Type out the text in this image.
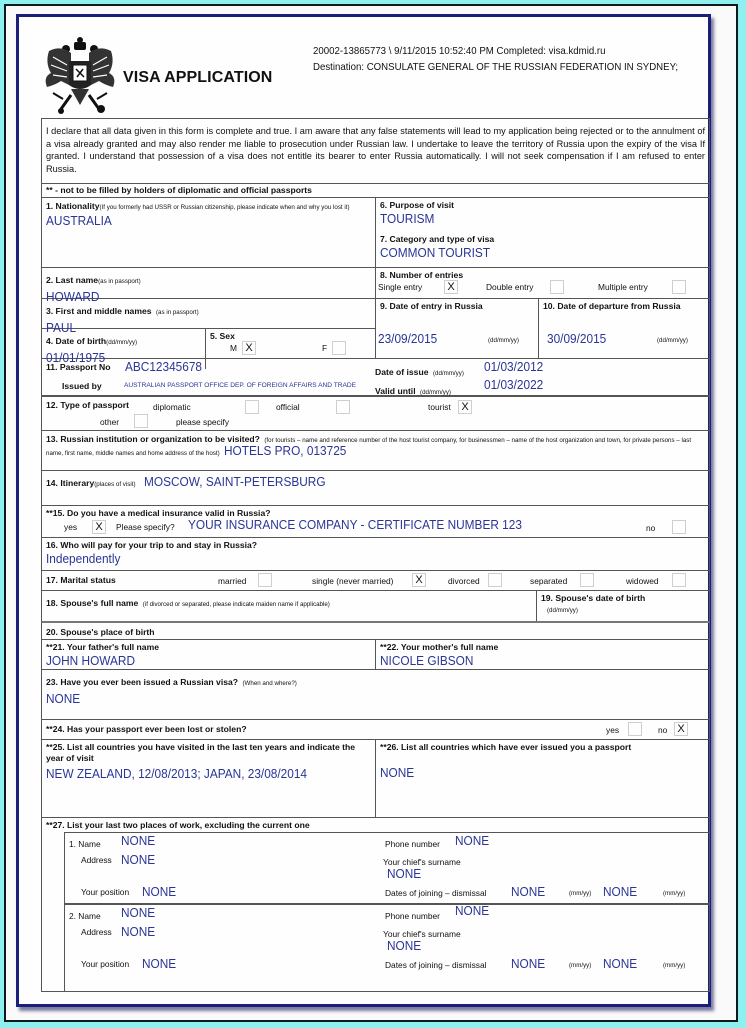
VISA APPLICATION
20002-13865773 \ 9/11/2015 10:52:40 PM Completed: visa.kdmid.ru
Destination: CONSULATE GENERAL OF THE RUSSIAN FEDERATION IN SYDNEY;
I declare that all data given in this form is complete and true. I am aware that any false statements will lead to my application being rejected or to the annulment of a visa already granted and may also render me liable to prosecution under Russian law. I undertake to leave the territory of Russia upon the expiry of the visa If granted. I understand that possession of a visa does not entitle its bearer to enter Russia automatically. I will not seek compensation if I am refused to enter Russia.
** - not to be filled by holders of diplomatic and official passports
1. Nationality(If you formerly had USSR or Russian citizenship, please indicate when and why you lost it)
AUSTRALIA
6. Purpose of visit
TOURISM
7. Category and type of visa
COMMON TOURIST
2. Last name(as in passport)
HOWARD
8. Number of entries
Single entry	X	Double entry	Multiple entry
3. First and middle names (as in passport)
PAUL
4. Date of birth(dd/mm/yy)
01/01/1975
5. Sex
M X	F
9. Date of entry in Russia
23/09/2015	(dd/mm/yy)
10. Date of departure from Russia
30/09/2015	(dd/mm/yy)
11. Passport No ABC12345678
Issued by	AUSTRALIAN PASSPORT OFFICE DEP. OF FOREIGN AFFAIRS AND TRADE
Date of issue (dd/mm/yy) 01/03/2012
Valid until (dd/mm/yy)
01/03/2022
12. Type of passport	diplomatic	official	tourist X
other	please specify
13. Russian institution or organization to be visited? (for tourists – name and reference number of the host tourist company, for businessmen – name of the host organization and town, for private persons – last name, first name, middle names and home address of the host) HOTELS PRO, 013725
14. Itinerary(places of visit) MOSCOW, SAINT-PETERSBURG
**15. Do you have a medical insurance valid in Russia?
yes	X	Please specify? YOUR INSURANCE COMPANY - CERTIFICATE NUMBER 123	no
16. Who will pay for your trip to and stay in Russia?
Independently
17. Marital status	married	single (never married)	X	divorced	separated	widowed
18. Spouse's full name (if divorced or separated, please indicate maiden name if applicable)
19. Spouse's date of birth
(dd/mm/yy)
20. Spouse's place of birth
**21. Your father's full name
JOHN HOWARD
**22. Your mother's full name
NICOLE GIBSON
23. Have you ever been issued a Russian visa? (When and where?)
NONE
**24. Has your passport ever been lost or stolen?	yes	no X
**25. List all countries you have visited in the last ten years and indicate the year of visit
NEW ZEALAND, 12/08/2013; JAPAN, 23/08/2014
**26. List all countries which have ever issued you a passport
NONE
**27. List your last two places of work, excluding the current one
1. Name NONE
Address NONE
Your position NONE
Phone number NONE
Your chief's surname
NONE
Dates of joining – dismissal NONE	(mm/yy) NONE	(mm/yy)
2. Name NONE
Address NONE
Your position NONE
Phone number NONE
Your chief's surname
NONE
Dates of joining – dismissal NONE	(mm/yy) NONE	(mm/yy)
